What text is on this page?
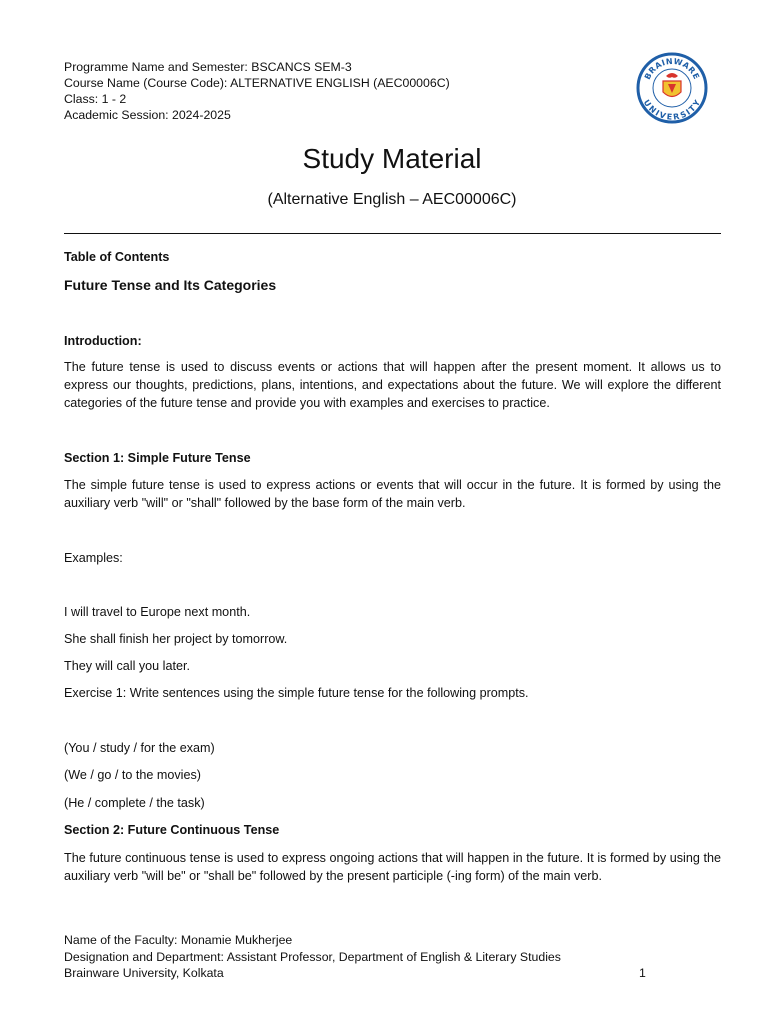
Programme Name and Semester: BSCANCS SEM-3
Course Name (Course Code): ALTERNATIVE ENGLISH (AEC00006C)
Class: 1 - 2
Academic Session: 2024-2025
BRAINWARE
UNIVERSITY
Study Material
(Alternative English – AEC00006C)
Table of Contents
Future Tense and Its Categories
Introduction:
The future tense is used to discuss events or actions that will happen after the present moment. It allows us to express our thoughts, predictions, plans, intentions, and expectations about the future. We will explore the different categories of the future tense and provide you with examples and exercises to practice.
Section 1: Simple Future Tense
The simple future tense is used to express actions or events that will occur in the future. It is formed by using the auxiliary verb "will" or "shall" followed by the base form of the main verb.
Examples:
I will travel to Europe next month.
She shall finish her project by tomorrow.
They will call you later.
Exercise 1: Write sentences using the simple future tense for the following prompts.
(You / study / for the exam)
(We / go / to the movies)
(He / complete / the task)
Section 2: Future Continuous Tense
The future continuous tense is used to express ongoing actions that will happen in the future. It is formed by using the auxiliary verb "will be" or "shall be" followed by the present participle (-ing form) of the main verb.
Name of the Faculty: Monamie Mukherjee
Designation and Department: Assistant Professor, Department of English & Literary Studies
Brainware University, Kolkata	1
